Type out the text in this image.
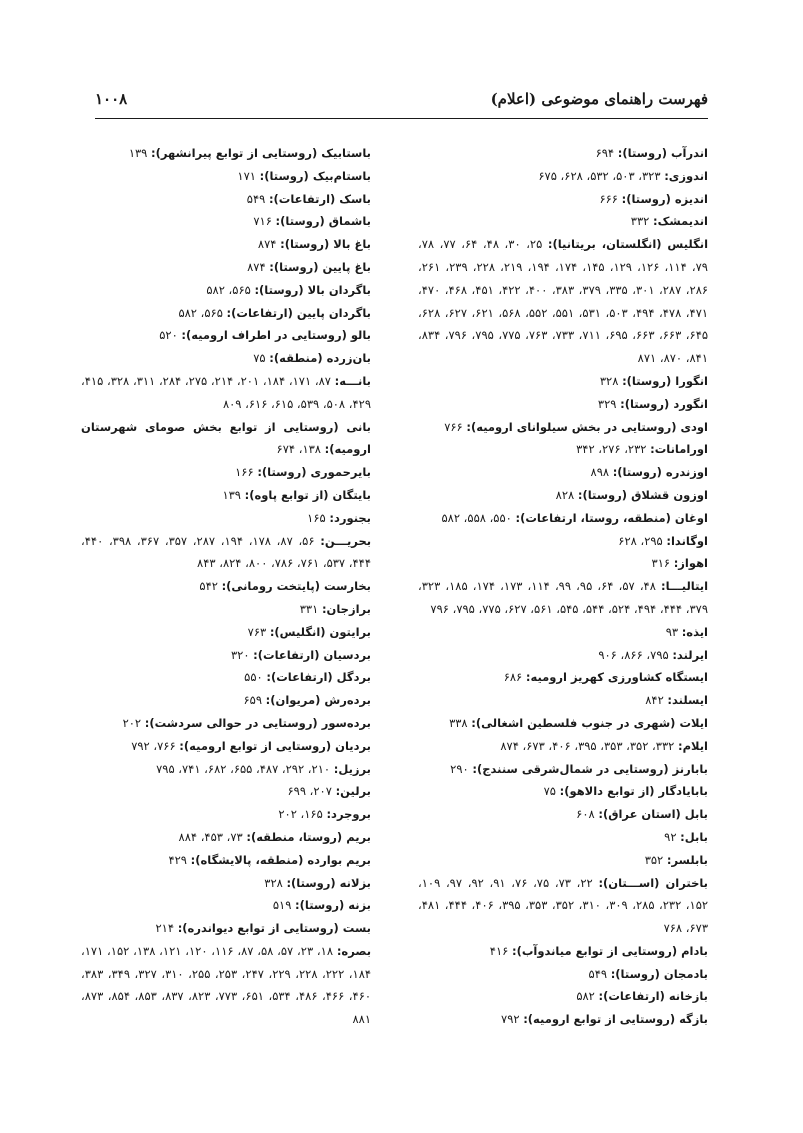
فهرست راهنمای موضوعی (اعلام)
۱۰۰۸

اندرآب (روستا): ۶۹۴

اندوزی: ۳۲۳، ۵۰۳، ۵۳۲، ۶۲۸، ۶۷۵

اندیزه (روستا): ۶۶۶

اندیمشک: ۳۳۲

انگلیس (انگلستان، بریتانیا): ۲۵، ۳۰، ۴۸، ۶۴، ۷۷، ۷۸، ۷۹، ۱۱۴، ۱۲۶، ۱۲۹، ۱۴۵، ۱۷۴، ۱۹۴، ۲۱۹، ۲۲۸، ۲۳۹، ۲۶۱، ۲۸۶، ۲۸۷، ۳۰۱، ۳۳۵، ۳۷۹، ۳۸۳، ۴۰۰، ۴۲۲، ۴۵۱، ۴۶۸، ۴۷۰، ۴۷۱، ۴۷۸، ۴۹۴، ۵۰۳، ۵۳۱، ۵۵۱، ۵۵۲، ۵۶۸، ۶۲۱، ۶۲۷، ۶۲۸، ۶۴۵، ۶۶۳، ۶۶۳، ۶۹۵، ۷۱۱، ۷۳۳، ۷۶۳، ۷۷۵، ۷۹۵، ۷۹۶، ۸۳۴، ۸۴۱، ۸۷۰، ۸۷۱

انگورا (روستا): ۳۲۸

انگورد (روستا): ۳۲۹

اودی (روستایی در بخش سیلوانای ارومیه): ۷۶۶

اورامانات: ۲۳۲، ۲۷۶، ۳۴۲

اوزندره (روستا): ۸۹۸

اوزون قشلاق (روستا): ۸۲۸

اوغان (منطقه، روستا، ارتفاعات): ۵۵۰، ۵۵۸، ۵۸۲

اوگاندا: ۲۹۵، ۶۲۸

اهواز: ۳۱۶

ایتالیـــا: ۴۸، ۵۷، ۶۴، ۹۵، ۹۹، ۱۱۴، ۱۷۳، ۱۷۴، ۱۸۵، ۳۲۳، ۳۷۹، ۴۴۴، ۴۹۴، ۵۲۴، ۵۴۴، ۵۴۵، ۵۶۱، ۶۲۷، ۷۷۵، ۷۹۵، ۷۹۶

ایذه: ۹۳

ایرلند: ۷۹۵، ۸۶۶، ۹۰۶

ایستگاه کشاورزی کهریز ارومیه: ۶۸۶

ایسلند: ۸۴۲

ایلات (شهری در جنوب فلسطین اشغالی): ۳۳۸

ایلام: ۳۳۲، ۳۵۲، ۳۵۳، ۳۹۵، ۴۰۶، ۶۷۳، ۸۷۴

بابارنز (روستایی در شمال‌شرقی سنندج): ۲۹۰

بابایادگار (از توابع دالاهو): ۷۵

بابل (استان عراق): ۶۰۸

بابل: ۹۲

بابلسر: ۳۵۲

باختران (اســـتان): ۲۲، ۷۳، ۷۵، ۷۶، ۹۱، ۹۲، ۹۷، ۱۰۹، ۱۵۲، ۲۳۲، ۲۸۵، ۳۰۹، ۳۱۰، ۳۵۲، ۳۵۳، ۳۹۵، ۴۰۶، ۴۴۴، ۴۸۱، ۶۷۳، ۷۶۸

بادام (روستایی از توابع میاندوآب): ۴۱۶

بادمجان (روستا): ۵۴۹

بازخانه (ارتفاعات): ۵۸۲

بازگه (روستایی از توابع ارومیه): ۷۹۲

باستابیک (روستایی از توابع پیرانشهر): ۱۳۹

باستام‌بیک (روستا): ۱۷۱

باسک (ارتفاعات): ۵۴۹

باشماق (روستا): ۷۱۶

باغ بالا (روستا): ۸۷۴

باغ پایین (روستا): ۸۷۴

باگردان بالا (روستا): ۵۶۵، ۵۸۲

باگردان پایین (ارتفاعات): ۵۶۵، ۵۸۲

بالو (روستایی در اطراف ارومیه): ۵۲۰

بان‌زرده (منطقه): ۷۵

بانـــه: ۸۷، ۱۷۱، ۱۸۴، ۲۰۱، ۲۱۴، ۲۷۵، ۲۸۴، ۳۱۱، ۳۲۸، ۴۱۵، ۴۲۹، ۵۰۸، ۵۳۹، ۶۱۵، ۶۱۶، ۸۰۹

بانی (روستایی از توابع بخش صومای شهرستان ارومیه): ۱۳۸، ۶۷۴

بایرحموری (روستا): ۱۶۶

بایتگان (از توابع پاوه): ۱۳۹

بجنورد: ۱۶۵

بحریـــن: ۵۶، ۸۷، ۱۷۸، ۱۹۴، ۲۸۷، ۳۵۷، ۳۶۷، ۳۹۸، ۴۴۰، ۴۴۴، ۵۳۷، ۷۶۱، ۷۸۶، ۸۰۰، ۸۲۴، ۸۴۳

بخارست (پایتخت رومانی): ۵۴۲

برازجان: ۳۳۱

برایتون (انگلیس): ۷۶۳

بردسیان (ارتفاعات): ۳۲۰

بردگل (ارتفاعات): ۵۵۰

برده‌رش (مریوان): ۶۵۹

برده‌سور (روستایی در حوالی سردشت): ۲۰۲

بردیان (روستایی از توابع ارومیه): ۷۶۶، ۷۹۲

برزیل: ۲۱۰، ۲۹۲، ۴۸۷، ۶۵۵، ۶۸۲، ۷۴۱، ۷۹۵

برلین: ۲۰۷، ۶۹۹

بروجرد: ۱۶۵، ۲۰۲

بریم (روستا، منطقه): ۷۳، ۴۵۳، ۸۸۴

بریم بوارده (منطقه، پالایشگاه): ۴۲۹

بزلانه (روستا): ۳۲۸

بزنه (روستا): ۵۱۹

بست (روستایی از توابع دیواندره): ۲۱۴

بصره: ۱۸، ۲۳، ۵۷، ۵۸، ۸۷، ۱۱۶، ۱۲۰، ۱۲۱، ۱۳۸، ۱۵۲، ۱۷۱، ۱۸۴، ۲۲۲، ۲۲۸، ۲۲۹، ۲۴۷، ۲۵۳، ۲۵۵، ۳۱۰، ۳۲۷، ۳۴۹، ۳۸۳، ۴۶۰، ۴۶۶، ۴۸۶، ۵۳۴، ۶۵۱، ۷۷۳، ۸۲۳، ۸۳۷، ۸۵۳، ۸۵۴، ۸۷۳، ۸۸۱
